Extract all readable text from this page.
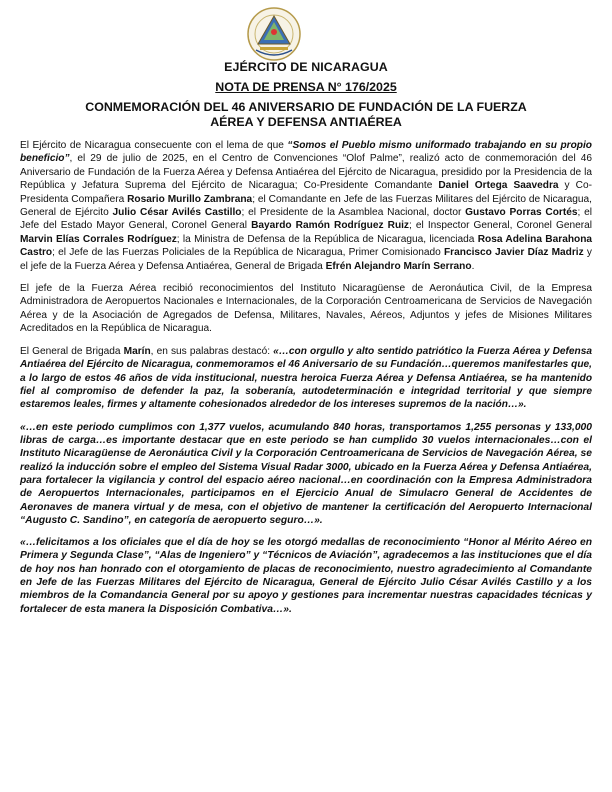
EJÉRCITO DE NICARAGUA
NOTA DE PRENSA N° 176/2025
CONMEMORACIÓN DEL 46 ANIVERSARIO DE FUNDACIÓN DE LA FUERZA
AÉREA Y DEFENSA ANTIAÉREA

El Ejército de Nicaragua consecuente con el lema de que “Somos el Pueblo mismo uniformado trabajando en su propio beneficio”, el 29 de julio de 2025, en el Centro de Convenciones “Olof Palme”, realizó acto de conmemoración del 46 Aniversario de Fundación de la Fuerza Aérea y Defensa Antiaérea del Ejército de Nicaragua, presidido por la Presidencia de la República y Jefatura Suprema del Ejército de Nicaragua; Co-Presidente Comandante Daniel Ortega Saavedra y Co-Presidenta Compañera Rosario Murillo Zambrana; el Comandante en Jefe de las Fuerzas Militares del Ejército de Nicaragua, General de Ejército Julio César Avilés Castillo; el Presidente de la Asamblea Nacional, doctor Gustavo Porras Cortés; el Jefe del Estado Mayor General, Coronel General Bayardo Ramón Rodríguez Ruiz; el Inspector General, Coronel General Marvin Elías Corrales Rodríguez; la Ministra de Defensa de la República de Nicaragua, licenciada Rosa Adelina Barahona Castro; el Jefe de las Fuerzas Policiales de la República de Nicaragua, Primer Comisionado Francisco Javier Díaz Madriz y el jefe de la Fuerza Aérea y Defensa Antiaérea, General de Brigada Efrén Alejandro Marín Serrano.

El jefe de la Fuerza Aérea recibió reconocimientos del Instituto Nicaragüense de Aeronáutica Civil, de la Empresa Administradora de Aeropuertos Nacionales e Internacionales, de la Corporación Centroamericana de Servicios de Navegación Aérea y de la Asociación de Agregados de Defensa, Militares, Navales, Aéreos, Adjuntos y jefes de Misiones Militares Acreditados en la República de Nicaragua.

El General de Brigada Marín, en sus palabras destacó: «…con orgullo y alto sentido patriótico la Fuerza Aérea y Defensa Antiaérea del Ejército de Nicaragua, conmemoramos el 46 Aniversario de su Fundación…queremos manifestarles que, a lo largo de estos 46 años de vida institucional, nuestra heroica Fuerza Aérea y Defensa Antiaérea, se ha mantenido fiel al compromiso de defender la paz, la soberanía, autodeterminación e integridad territorial y que siempre estaremos leales, firmes y altamente cohesionados alrededor de los intereses supremos de la nación…».

«…en este periodo cumplimos con 1,377 vuelos, acumulando 840 horas, transportamos 1,255 personas y 133,000 libras de carga…es importante destacar que en este periodo se han cumplido 30 vuelos internacionales…con el Instituto Nicaragüense de Aeronáutica Civil y la Corporación Centroamericana de Servicios de Navegación Aérea, se realizó la inducción sobre el empleo del Sistema Visual Radar 3000, ubicado en la Fuerza Aérea y Defensa Antiaérea, para fortalecer la vigilancia y control del espacio aéreo nacional…en coordinación con la Empresa Administradora de Aeropuertos Internacionales, participamos en el Ejercicio Anual de Simulacro General de Accidentes de Aeronaves de manera virtual y de mesa, con el objetivo de mantener la certificación del Aeropuerto Internacional “Augusto C. Sandino”, en categoría de aeropuerto seguro…».

«…felicitamos a los oficiales que el día de hoy se les otorgó medallas de reconocimiento “Honor al Mérito Aéreo en Primera y Segunda Clase”, “Alas de Ingeniero” y “Técnicos de Aviación”, agradecemos a las instituciones que el día de hoy nos han honrado con el otorgamiento de placas de reconocimiento, nuestro agradecimiento al Comandante en Jefe de las Fuerzas Militares del Ejército de Nicaragua, General de Ejército Julio César Avilés Castillo y a los miembros de la Comandancia General por su apoyo y gestiones para incrementar nuestras capacidades técnicas y fortalecer de esta manera la Disposición Combativa…».
